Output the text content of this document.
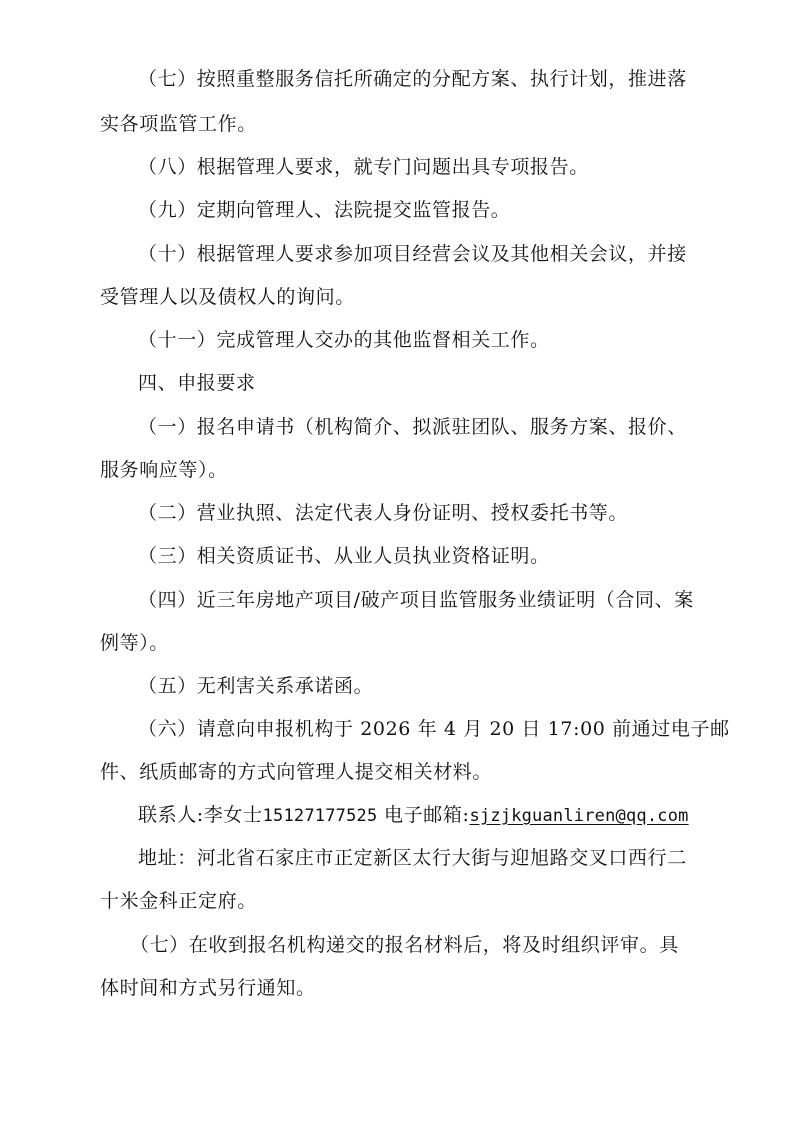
（七）按照重整服务信托所确定的分配方案、执行计划，推进落
实各项监管工作。
（八）根据管理人要求，就专门问题出具专项报告。
（九）定期向管理人、法院提交监管报告。
（十）根据管理人要求参加项目经营会议及其他相关会议，并接
受管理人以及债权人的询问。
（十一）完成管理人交办的其他监督相关工作。
四、申报要求
（一）报名申请书（机构简介、拟派驻团队、服务方案、报价、
服务响应等）。
（二）营业执照、法定代表人身份证明、授权委托书等。
（三）相关资质证书、从业人员执业资格证明。
（四）近三年房地产项目/破产项目监管服务业绩证明（合同、案
例等）。
（五）无利害关系承诺函。
（六）请意向申报机构于 2026 年 4 月 20 日 17:00 前通过电子邮
件、纸质邮寄的方式向管理人提交相关材料。
联系人:李女士15127177525 电子邮箱:sjzjkguanliren@qq.com
地址：河北省石家庄市正定新区太行大街与迎旭路交叉口西行二
十米金科正定府。
（七）在收到报名机构递交的报名材料后，将及时组织评审。具
体时间和方式另行通知。
